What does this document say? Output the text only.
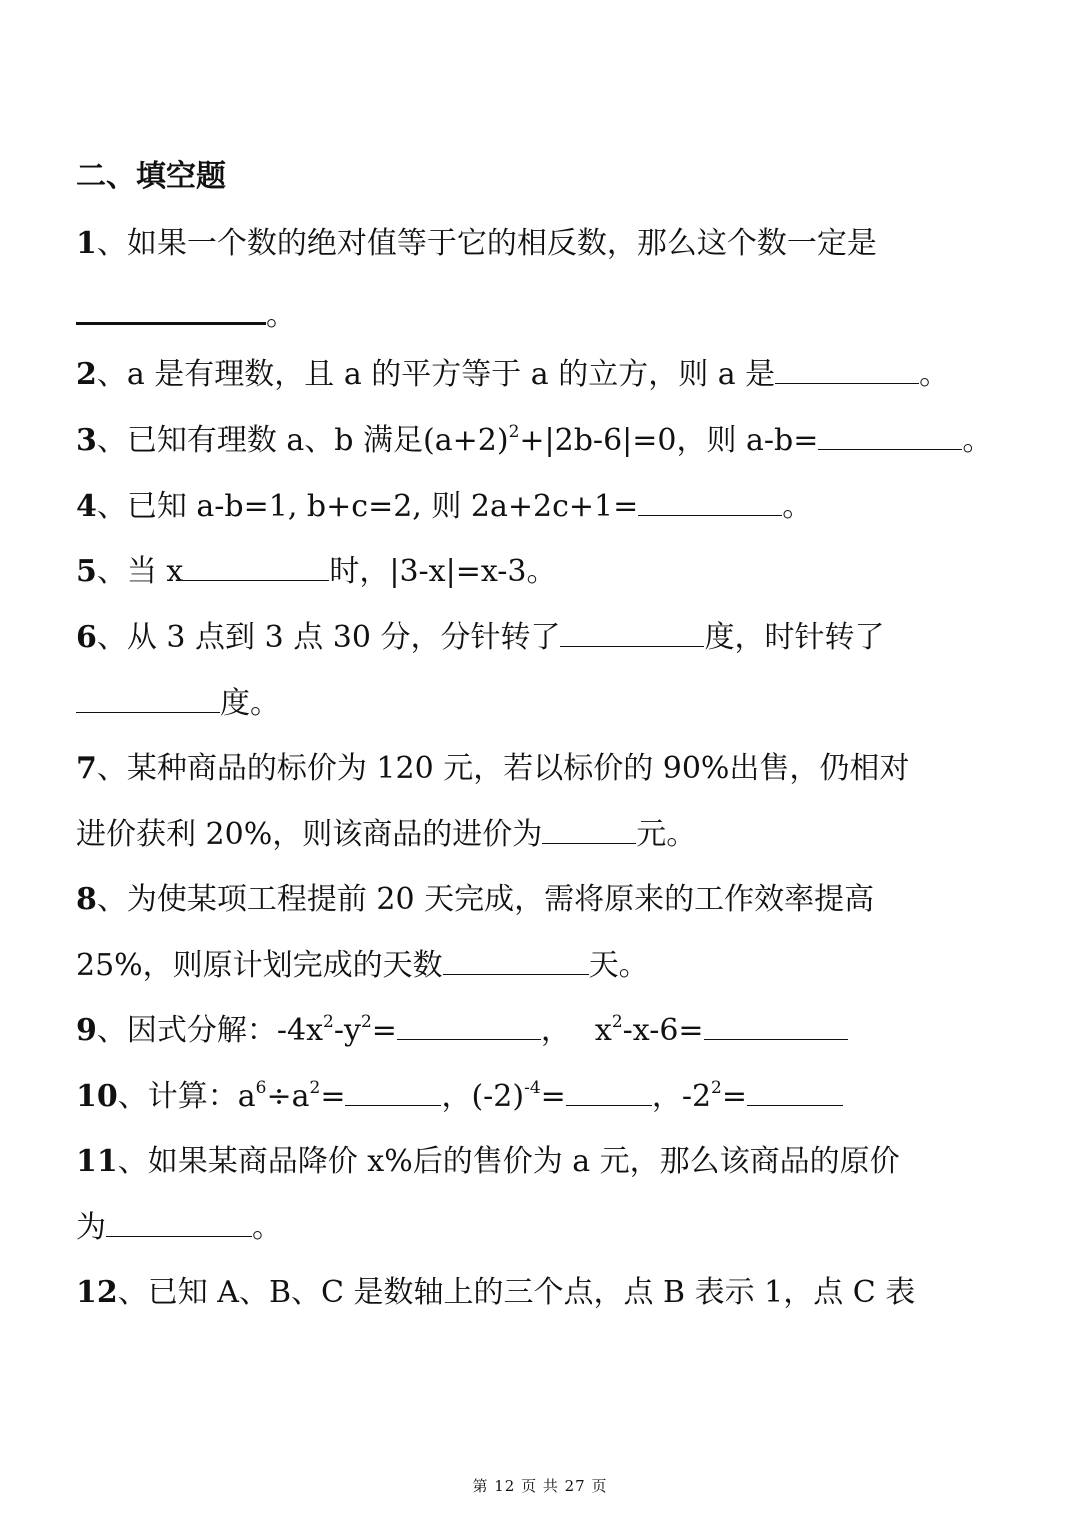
二、填空题
1、如果一个数的绝对值等于它的相反数，那么这个数一定是
。
2、a 是有理数，且 a 的平方等于 a 的立方，则 a 是	。
3、已知有理数 a、b 满足$(a+2)^2+|2b-6|=0$，则 a-b=	。
4、已知 a-b=1, b+c=2, 则 2a+2c+1=	。
5、当 x	时，|3-x|=x-3。
6、从 3 点到 3 点 30 分，分针转了	度，时针转了
度。
7、某种商品的标价为 120 元，若以标价的 90%出售，仍相对
进价获利 20%，则该商品的进价为	元。
8、为使某项工程提前 20 天完成，需将原来的工作效率提高
25%，则原计划完成的天数	天。
9、因式分解：$-4x^2-y^2=$	， $x^2-x-6=$
10、计算：$a^6\div a^2=$	，$(-2)^{-4}=$	，$-2^2=$
11、如果某商品降价 x%后的售价为 a 元，那么该商品的原价
为	。
12、已知 A、B、C 是数轴上的三个点，点 B 表示 1，点 C 表
第 12 页 共 27 页
